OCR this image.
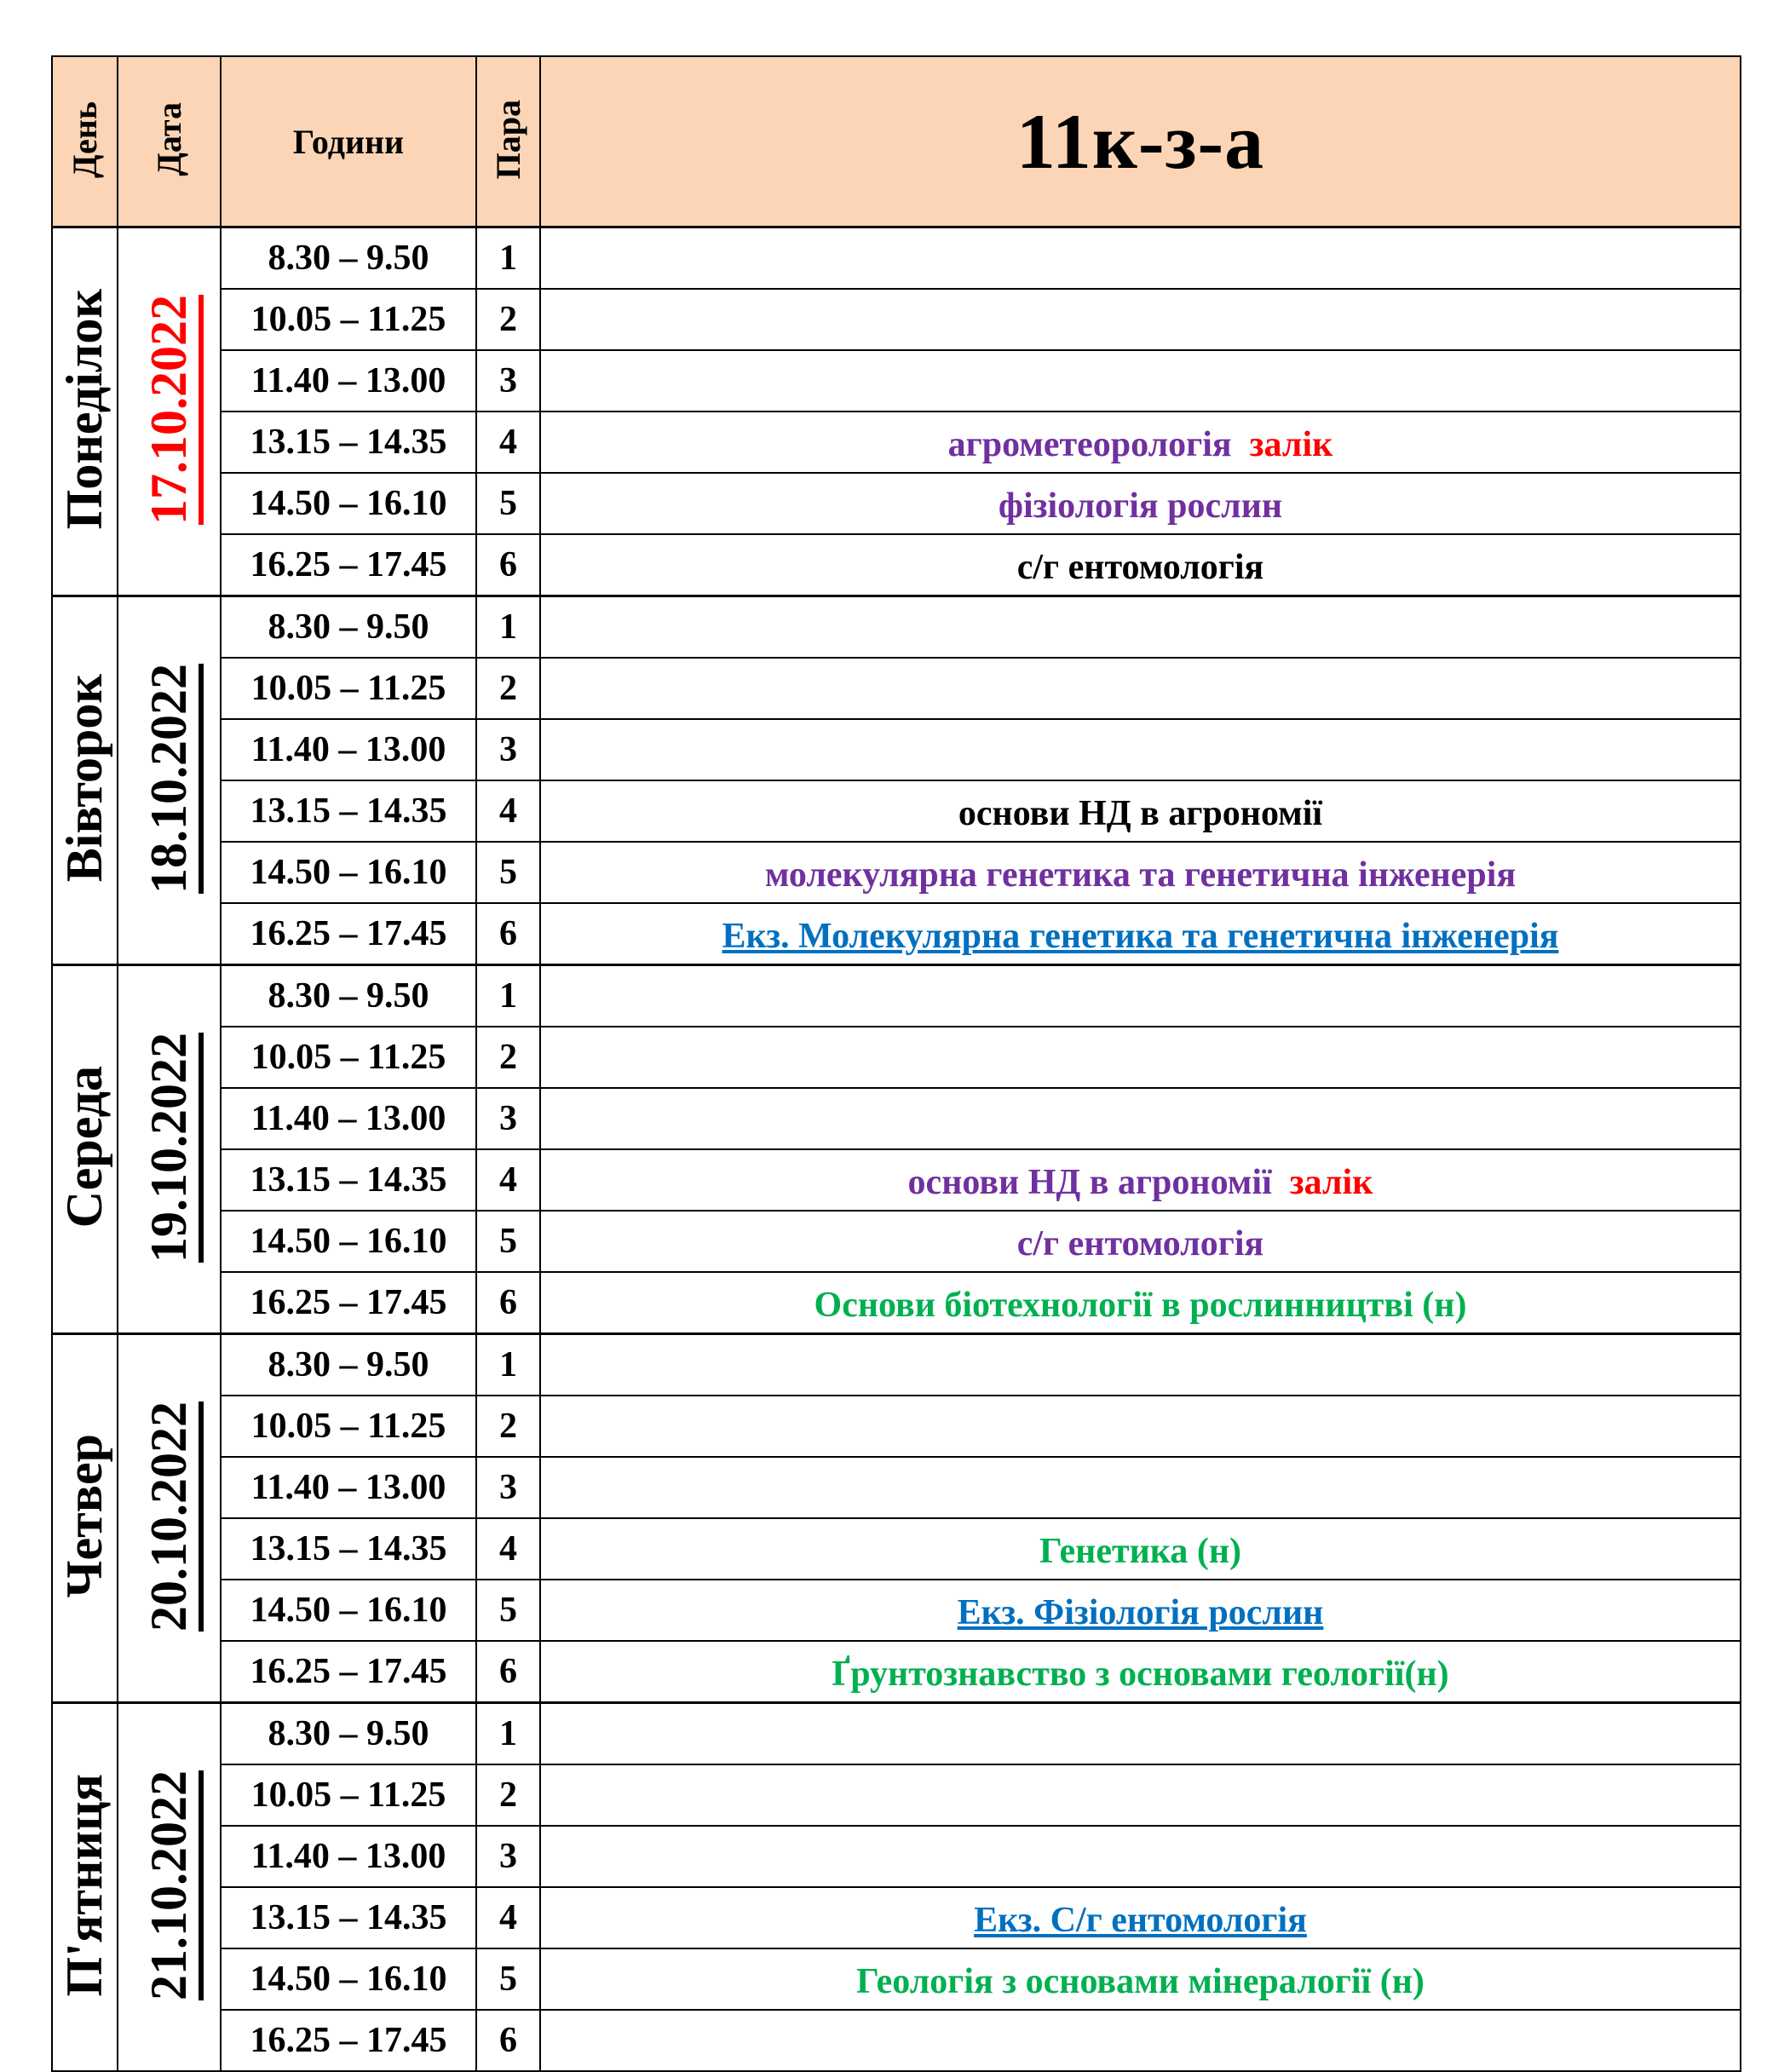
День	Дата	Години	Пара	11к-з-а
Понеділок	17.10.2022	8.30 – 9.50	1	
		10.05 – 11.25	2	
		11.40 – 13.00	3	
		13.15 – 14.35	4	агрометеорологія залік
		14.50 – 16.10	5	фізіологія рослин
		16.25 – 17.45	6	с/г ентомологія
Вівторок	18.10.2022	8.30 – 9.50	1	
		10.05 – 11.25	2	
		11.40 – 13.00	3	
		13.15 – 14.35	4	основи НД в агрономії
		14.50 – 16.10	5	молекулярна генетика та генетична інженерія
		16.25 – 17.45	6	Екз. Молекулярна генетика та генетична інженерія
Середа	19.10.2022	8.30 – 9.50	1	
		10.05 – 11.25	2	
		11.40 – 13.00	3	
		13.15 – 14.35	4	основи НД в агрономії залік
		14.50 – 16.10	5	с/г ентомологія
		16.25 – 17.45	6	Основи біотехнології в рослинництві (н)
Четвер	20.10.2022	8.30 – 9.50	1	
		10.05 – 11.25	2	
		11.40 – 13.00	3	
		13.15 – 14.35	4	Генетика (н)
		14.50 – 16.10	5	Екз. Фізіологія рослин
		16.25 – 17.45	6	Ґрунтознавство з основами геології(н)
П'ятниця	21.10.2022	8.30 – 9.50	1	
		10.05 – 11.25	2	
		11.40 – 13.00	3	
		13.15 – 14.35	4	Екз. С/г ентомологія
		14.50 – 16.10	5	Геологія з основами мінералогії (н)
		16.25 – 17.45	6	
